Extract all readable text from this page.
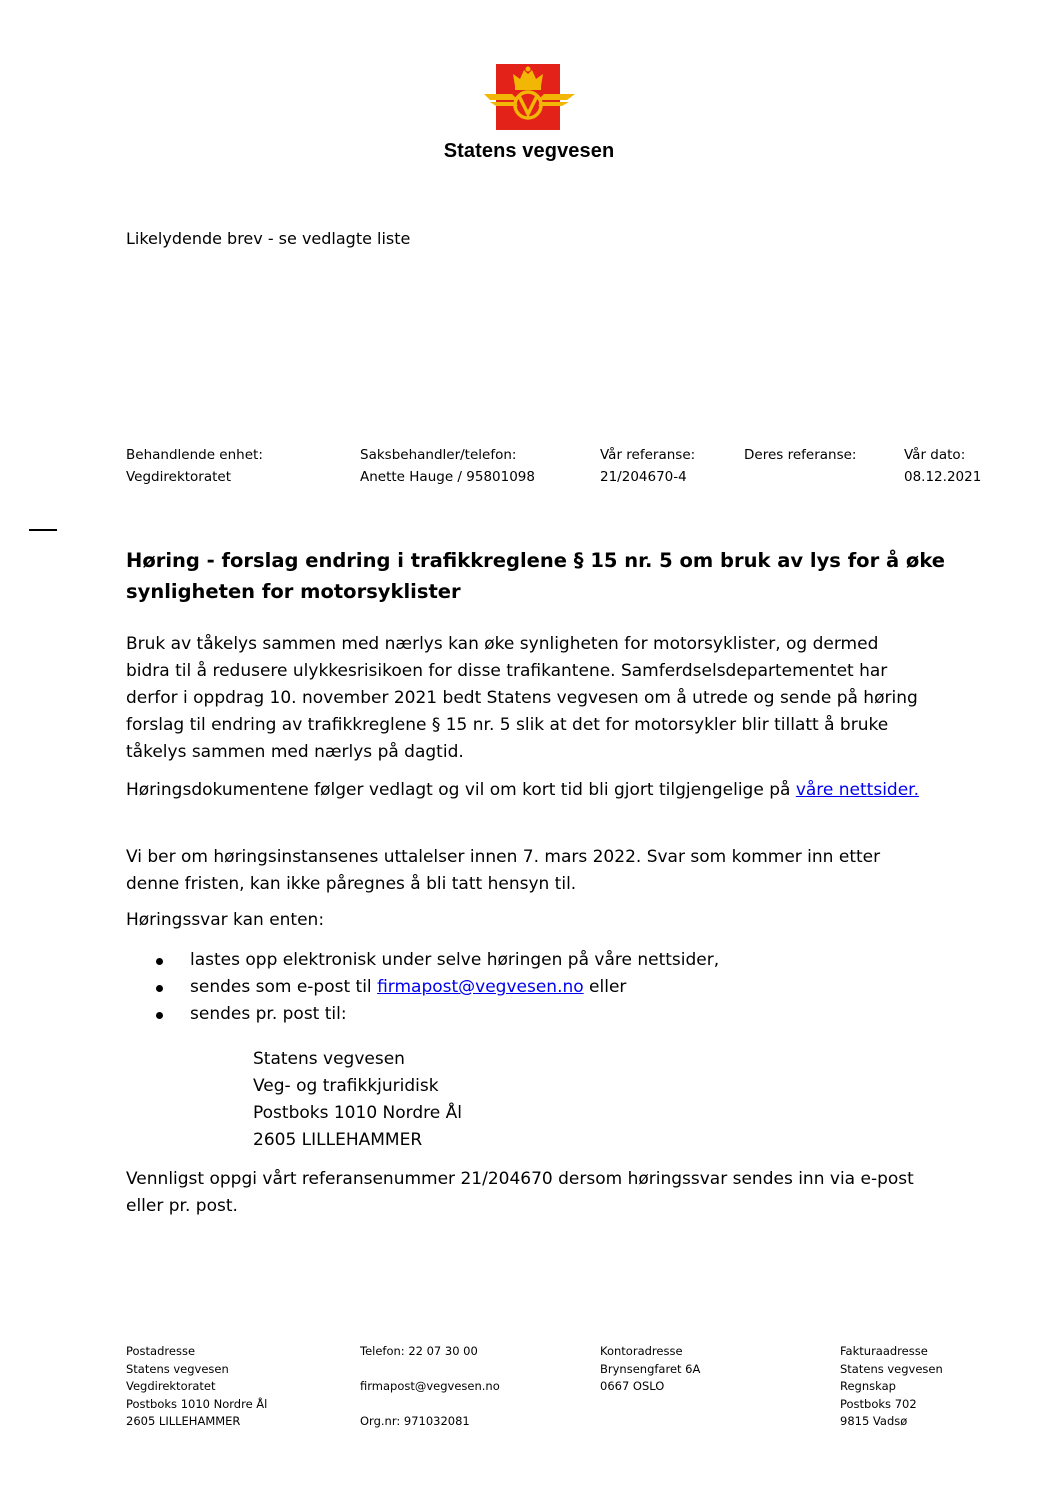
Statens vegvesen
Likelydende brev - se vedlagte liste
Behandlende enhet:
Vegdirektoratet
Saksbehandler/telefon:
Anette Hauge / 95801098
Vår referanse:
21/204670-4
Deres referanse:	Vår dato:
08.12.2021
Høring - forslag endring i trafikkreglene § 15 nr. 5 om bruk av lys for å øke synligheten for motorsyklister

Bruk av tåkelys sammen med nærlys kan øke synligheten for motorsyklister, og dermed bidra til å redusere ulykkesrisikoen for disse trafikantene. Samferdselsdepartementet har derfor i oppdrag 10. november 2021 bedt Statens vegvesen om å utrede og sende på høring forslag til endring av trafikkreglene § 15 nr. 5 slik at det for motorsykler blir tillatt å bruke tåkelys sammen med nærlys på dagtid.

Høringsdokumentene følger vedlagt og vil om kort tid bli gjort tilgjengelige på våre nettsider.

Vi ber om høringsinstansenes uttalelser innen 7. mars 2022. Svar som kommer inn etter denne fristen, kan ikke påregnes å bli tatt hensyn til.

Høringssvar kan enten:

lastes opp elektronisk under selve høringen på våre nettsider,
sendes som e-post til firmapost@vegvesen.no eller
sendes pr. post til:
Statens vegvesen
Veg- og trafikkjuridisk
Postboks 1010 Nordre Ål
2605 LILLEHAMMER

Vennligst oppgi vårt referansenummer 21/204670 dersom høringssvar sendes inn via e-post eller pr. post.

Postadresse
Statens vegvesen
Vegdirektoratet
Postboks 1010 Nordre Ål
2605 LILLEHAMMER
Telefon: 22 07 30 00
firmapost@vegvesen.no
Org.nr: 971032081
Kontoradresse
Brynsengfaret 6A
0667 OSLO
Fakturaadresse
Statens vegvesen
Regnskap
Postboks 702
9815 Vadsø
